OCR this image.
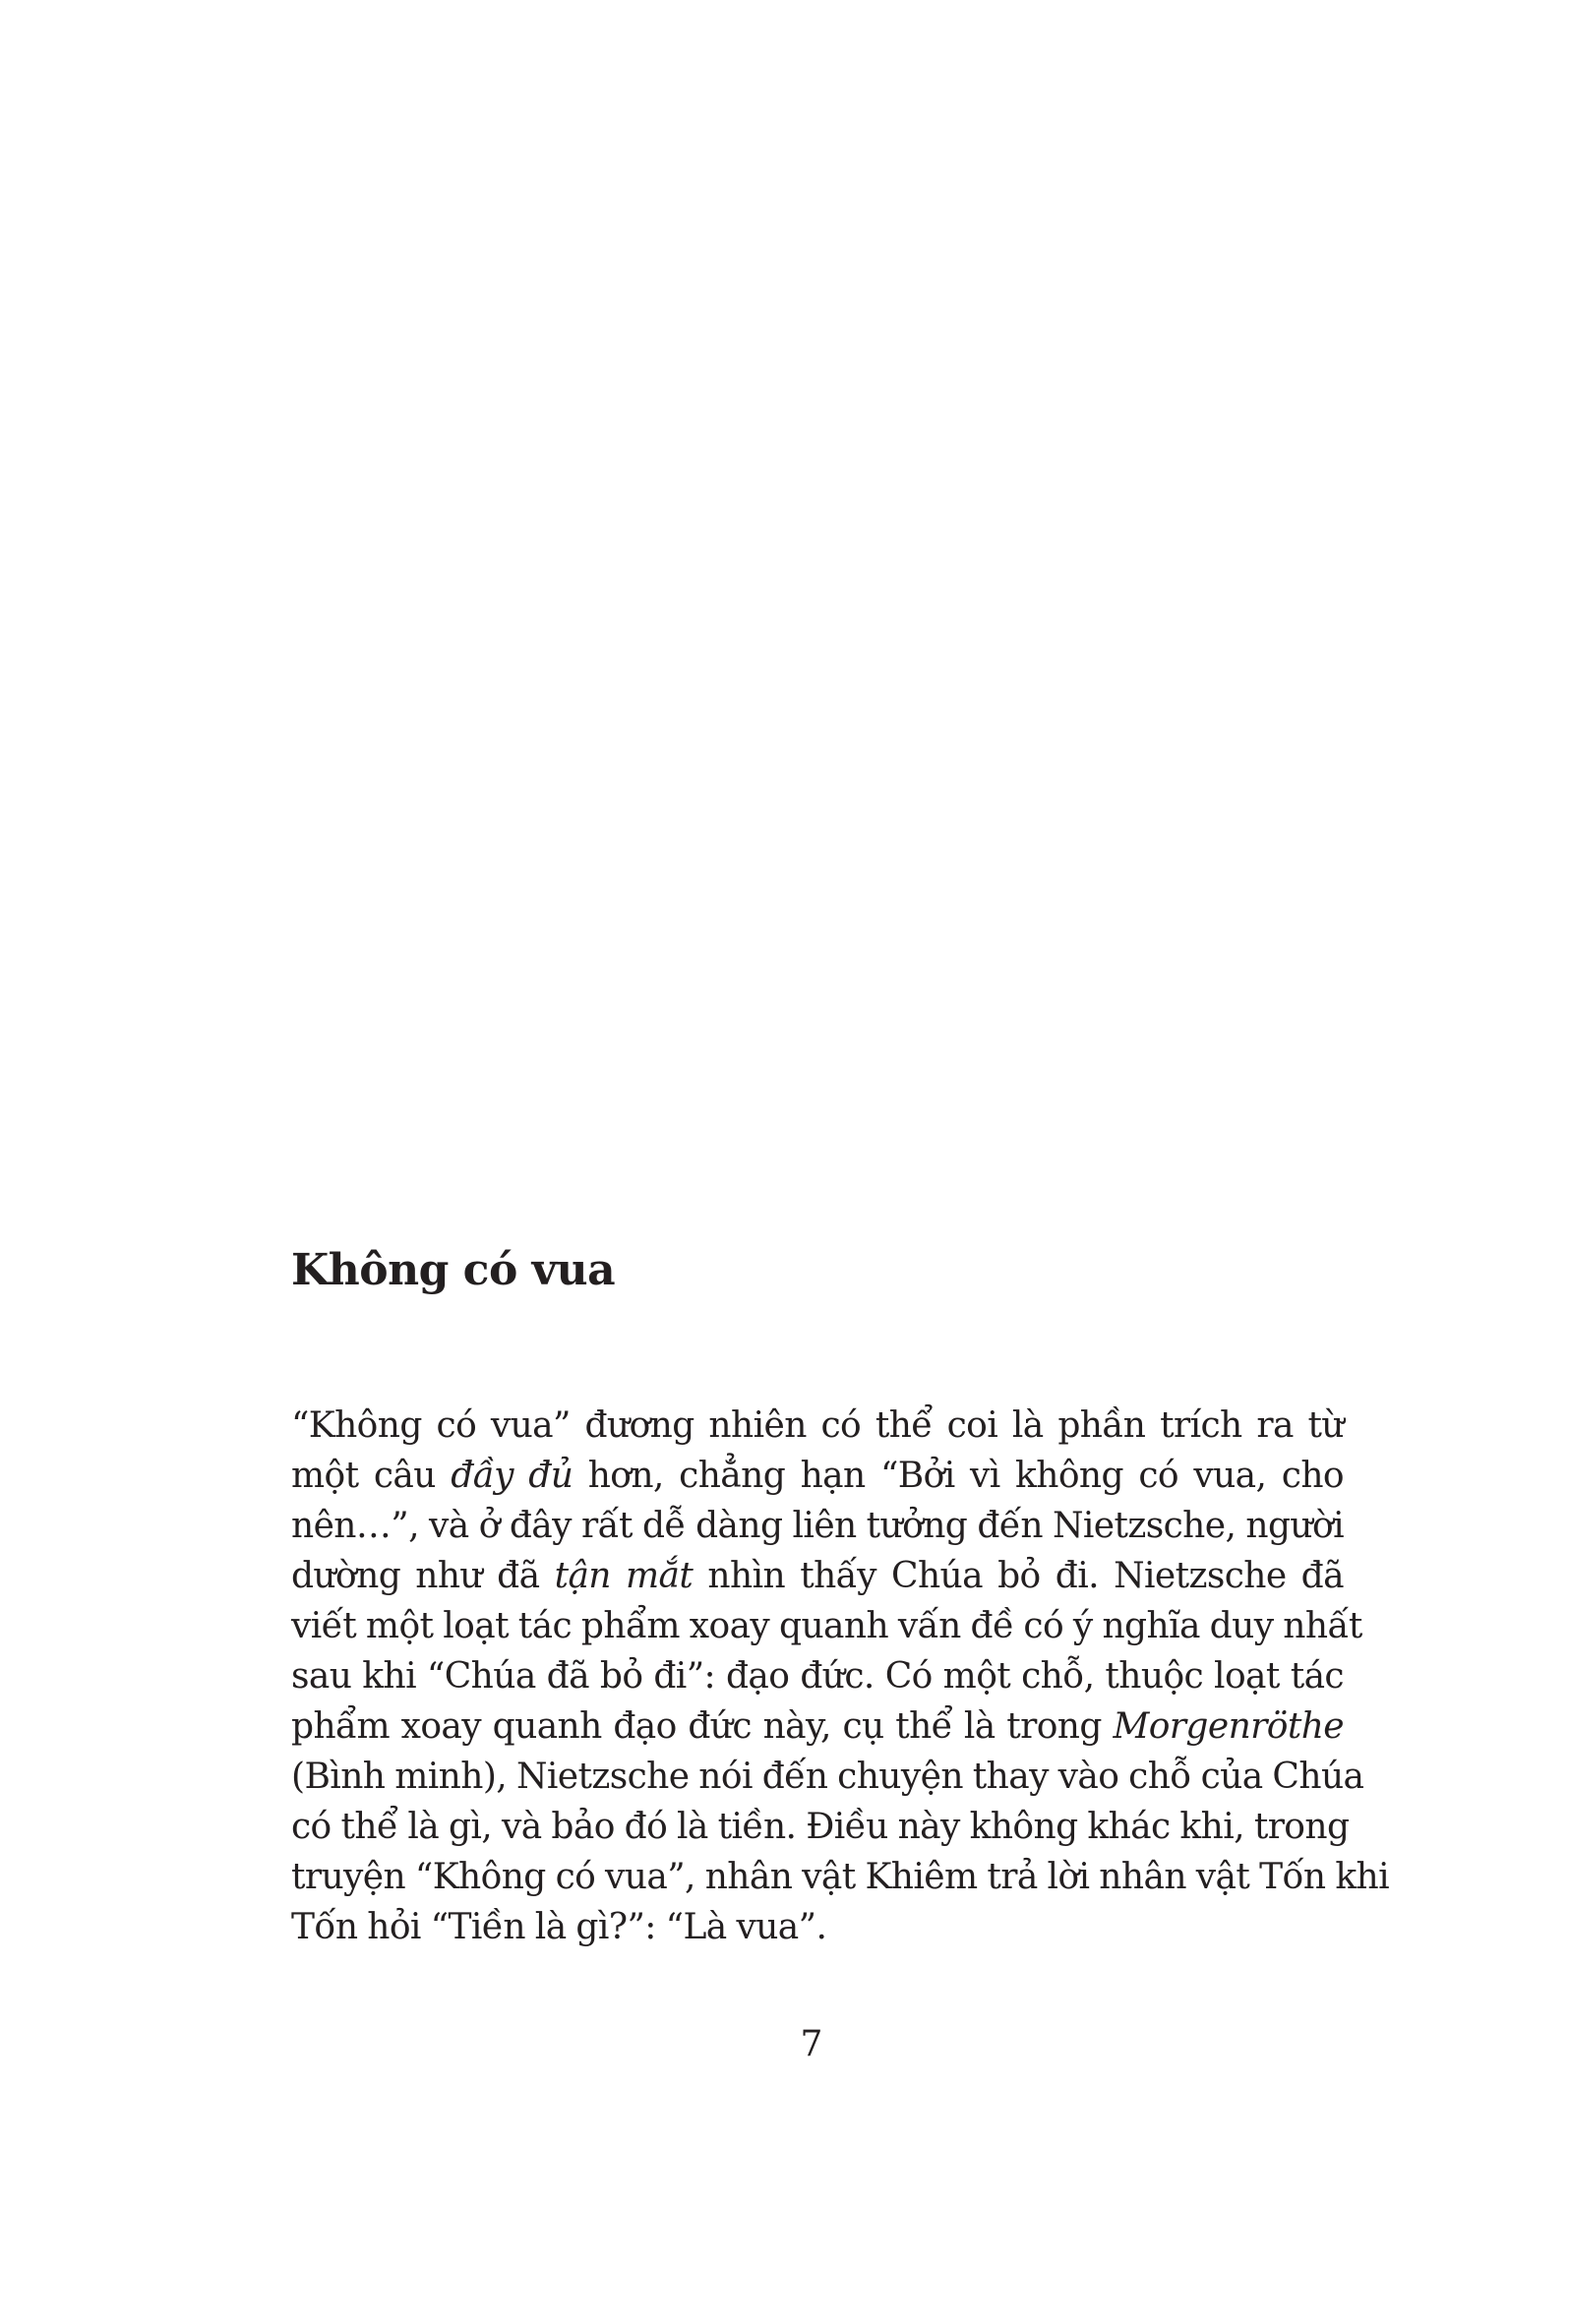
Không có vua
“Không có vua” đương nhiên có thể coi là phần trích ra từ
một câu đầy đủ hơn, chẳng hạn “Bởi vì không có vua, cho
nên…”, và ở đây rất dễ dàng liên tưởng đến Nietzsche, người
dường như đã tận mắt nhìn thấy Chúa bỏ đi. Nietzsche đã
viết một loạt tác phẩm xoay quanh vấn đề có ý nghĩa duy nhất
sau khi “Chúa đã bỏ đi”: đạo đức. Có một chỗ, thuộc loạt tác
phẩm xoay quanh đạo đức này, cụ thể là trong Morgenröthe
(Bình minh), Nietzsche nói đến chuyện thay vào chỗ của Chúa
có thể là gì, và bảo đó là tiền. Điều này không khác khi, trong
truyện “Không có vua”, nhân vật Khiêm trả lời nhân vật Tốn khi
Tốn hỏi “Tiền là gì?”: “Là vua”.
7
